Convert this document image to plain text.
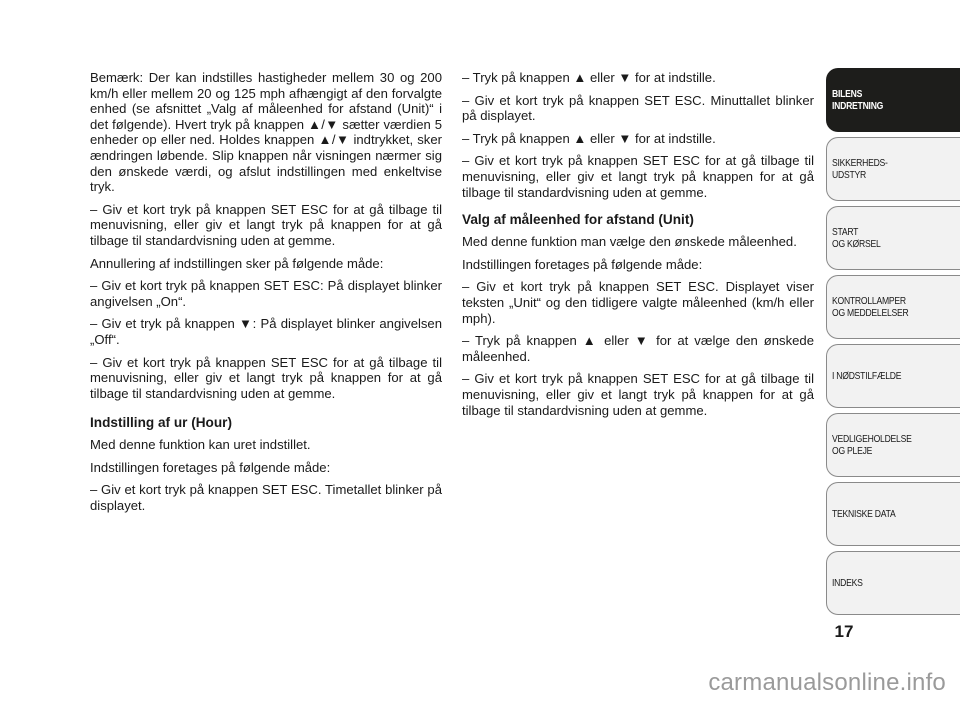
Bemærk: Der kan indstilles hastigheder mellem 30 og 200 km/h eller mellem 20 og 125 mph afhængigt af den forvalgte enhed (se afsnittet „Valg af måleenhed for afstand (Unit)“ i det følgende). Hvert tryk på knappen ▲/▼ sætter værdien 5 enheder op eller ned. Holdes knappen ▲/▼ indtrykket, sker ændringen løbende. Slip knappen når visningen nærmer sig den ønskede værdi, og afslut indstillingen med enkeltvise tryk.

– Giv et kort tryk på knappen SET ESC for at gå tilbage til menuvisning, eller giv et langt tryk på knappen for at gå tilbage til standardvisning uden at gemme.

Annullering af indstillingen sker på følgende måde:

– Giv et kort tryk på knappen SET ESC: På displayet blinker angivelsen „On“.

– Giv et tryk på knappen ▼: På displayet blinker angivelsen „Off“.

– Giv et kort tryk på knappen SET ESC for at gå tilbage til menuvisning, eller giv et langt tryk på knappen for at gå tilbage til standardvisning uden at gemme.

Indstilling af ur (Hour)

Med denne funktion kan uret indstillet.

Indstillingen foretages på følgende måde:

– Giv et kort tryk på knappen SET ESC. Timetallet blinker på displayet.

– Tryk på knappen ▲ eller ▼ for at indstille.

– Giv et kort tryk på knappen SET ESC. Minuttallet blinker på displayet.

– Tryk på knappen ▲ eller ▼ for at indstille.

– Giv et kort tryk på knappen SET ESC for at gå tilbage til menuvisning, eller giv et langt tryk på knappen for at gå tilbage til standardvisning uden at gemme.

Valg af måleenhed for afstand (Unit)

Med denne funktion man vælge den ønskede måleenhed.

Indstillingen foretages på følgende måde:

– Giv et kort tryk på knappen SET ESC. Displayet viser teksten „Unit“ og den tidligere valgte måleenhed (km/h eller mph).

– Tryk på knappen ▲ eller ▼ for at vælge den ønskede måleenhed.

– Giv et kort tryk på knappen SET ESC for at gå tilbage til menuvisning, eller giv et langt tryk på knappen for at gå tilbage til standardvisning uden at gemme.

BILENS
INDRETNING
SIKKERHEDS-
UDSTYR
START
OG KØRSEL
KONTROLLAMPER
OG MEDDELELSER
I NØDSTILFÆLDE
VEDLIGEHOLDELSE
OG PLEJE
TEKNISKE DATA
INDEKS
17
carmanualsonline.info
